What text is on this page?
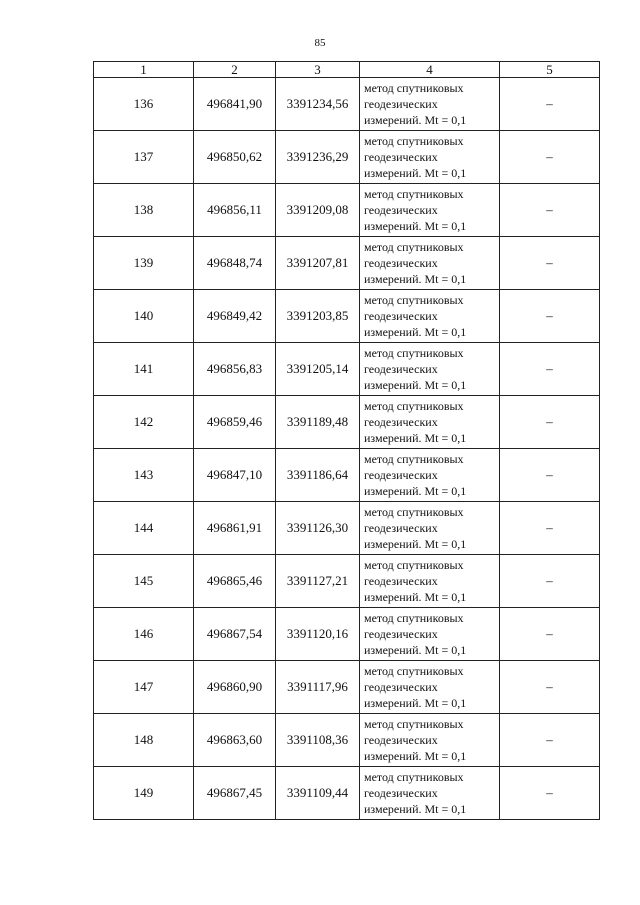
85
1	2	3	4	5
136	496841,90	3391234,56	метод спутниковых
геодезических
измерений. Mt = 0,1	–
137	496850,62	3391236,29	метод спутниковых
геодезических
измерений. Mt = 0,1	–
138	496856,11	3391209,08	метод спутниковых
геодезических
измерений. Mt = 0,1	–
139	496848,74	3391207,81	метод спутниковых
геодезических
измерений. Mt = 0,1	–
140	496849,42	3391203,85	метод спутниковых
геодезических
измерений. Mt = 0,1	–
141	496856,83	3391205,14	метод спутниковых
геодезических
измерений. Mt = 0,1	–
142	496859,46	3391189,48	метод спутниковых
геодезических
измерений. Mt = 0,1	–
143	496847,10	3391186,64	метод спутниковых
геодезических
измерений. Mt = 0,1	–
144	496861,91	3391126,30	метод спутниковых
геодезических
измерений. Mt = 0,1	–
145	496865,46	3391127,21	метод спутниковых
геодезических
измерений. Mt = 0,1	–
146	496867,54	3391120,16	метод спутниковых
геодезических
измерений. Mt = 0,1	–
147	496860,90	3391117,96	метод спутниковых
геодезических
измерений. Mt = 0,1	–
148	496863,60	3391108,36	метод спутниковых
геодезических
измерений. Mt = 0,1	–
149	496867,45	3391109,44	метод спутниковых
геодезических
измерений. Mt = 0,1	–
